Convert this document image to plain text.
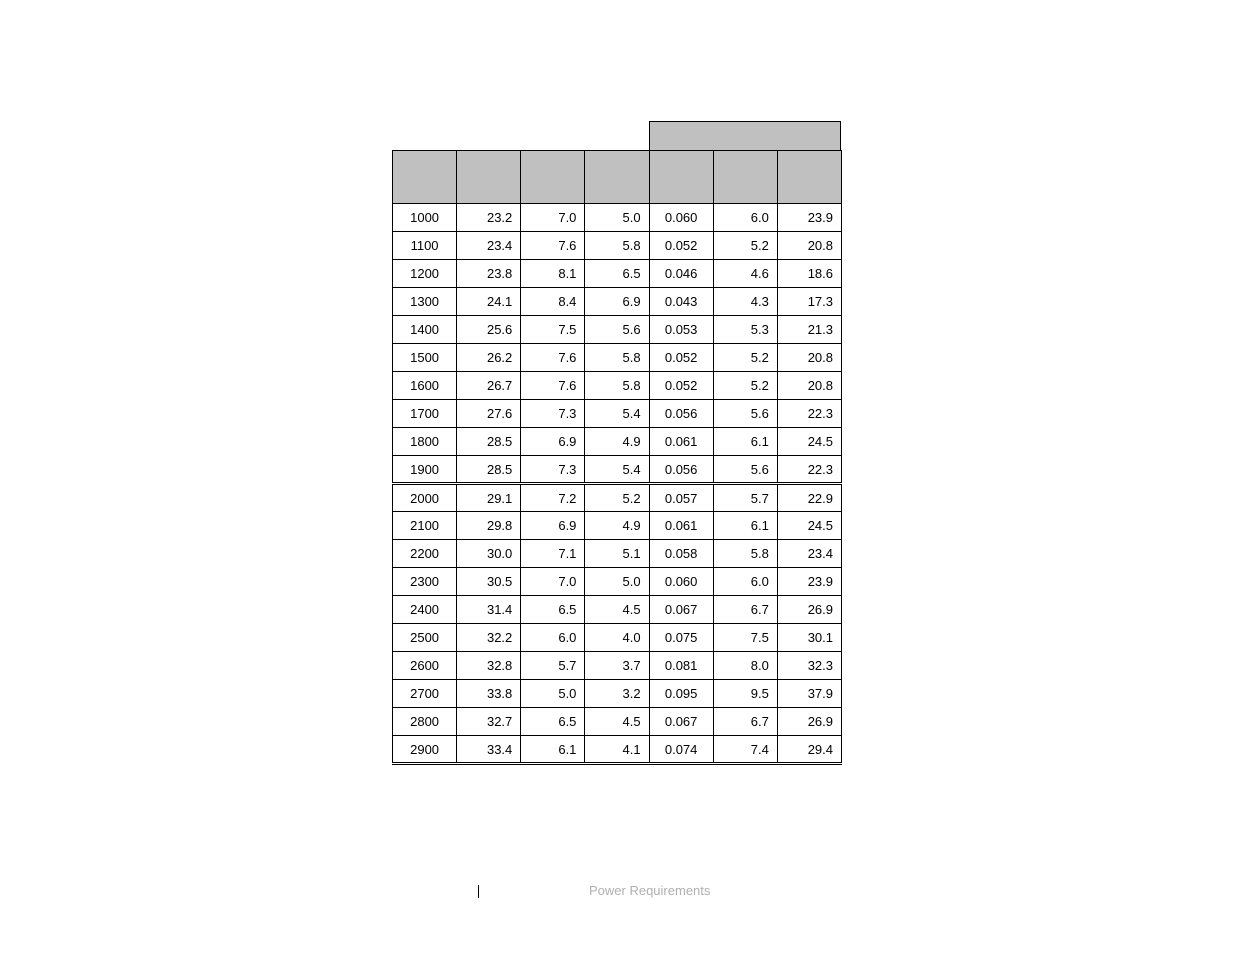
1000	23.2	7.0	5.0	0.060	6.0	23.9
1100	23.4	7.6	5.8	0.052	5.2	20.8
1200	23.8	8.1	6.5	0.046	4.6	18.6
1300	24.1	8.4	6.9	0.043	4.3	17.3
1400	25.6	7.5	5.6	0.053	5.3	21.3
1500	26.2	7.6	5.8	0.052	5.2	20.8
1600	26.7	7.6	5.8	0.052	5.2	20.8
1700	27.6	7.3	5.4	0.056	5.6	22.3
1800	28.5	6.9	4.9	0.061	6.1	24.5
1900	28.5	7.3	5.4	0.056	5.6	22.3
2000	29.1	7.2	5.2	0.057	5.7	22.9
2100	29.8	6.9	4.9	0.061	6.1	24.5
2200	30.0	7.1	5.1	0.058	5.8	23.4
2300	30.5	7.0	5.0	0.060	6.0	23.9
2400	31.4	6.5	4.5	0.067	6.7	26.9
2500	32.2	6.0	4.0	0.075	7.5	30.1
2600	32.8	5.7	3.7	0.081	8.0	32.3
2700	33.8	5.0	3.2	0.095	9.5	37.9
2800	32.7	6.5	4.5	0.067	6.7	26.9
2900	33.4	6.1	4.1	0.074	7.4	29.4
Power Requirements
